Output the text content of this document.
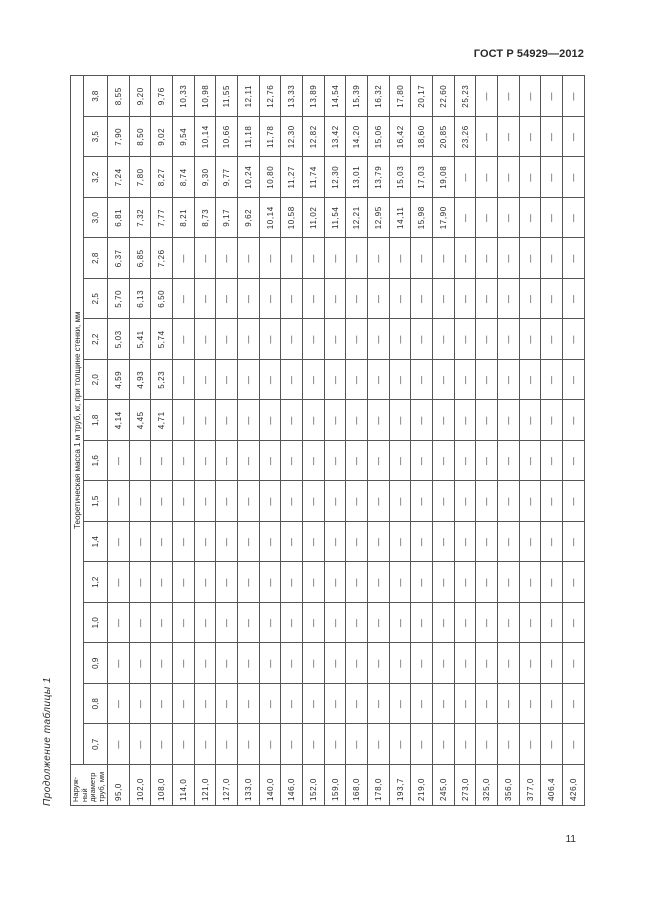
ГОСТ Р 54929—2012
Продолжение таблицы 1 Наруж-ный диаметр труб, мм	Теоретическая масса 1 м труб, кг, при толщине стенки, мм																
	0,7	0,8	0,9	1,0	1,2	1,4	1,5	1,6	1,8	2,0	2,2	2,5	2,8	3,0	3,2	3,5	3,8
95,0	—	—	—	—	—	—	—	—	4,14	4,59	5,03	5,70	6,37	6,81	7,24	7,90	8,55
102,0	—	—	—	—	—	—	—	—	4,45	4,93	5,41	6,13	6,85	7,32	7,80	8,50	9,20
108,0	—	—	—	—	—	—	—	—	4,71	5,23	5,74	6,50	7,26	7,77	8,27	9,02	9,76
114,0	—	—	—	—	—	—	—	—	—	—	—	—	—	8,21	8,74	9,54	10,33
121,0	—	—	—	—	—	—	—	—	—	—	—	—	—	8,73	9,30	10,14	10,98
127,0	—	—	—	—	—	—	—	—	—	—	—	—	—	9,17	9,77	10,66	11,55
133,0	—	—	—	—	—	—	—	—	—	—	—	—	—	9,62	10,24	11,18	12,11
140,0	—	—	—	—	—	—	—	—	—	—	—	—	—	10,14	10,80	11,78	12,76
146,0	—	—	—	—	—	—	—	—	—	—	—	—	—	10,58	11,27	12,30	13,33
152,0	—	—	—	—	—	—	—	—	—	—	—	—	—	11,02	11,74	12,82	13,89
159,0	—	—	—	—	—	—	—	—	—	—	—	—	—	11,54	12,30	13,42	14,54
168,0	—	—	—	—	—	—	—	—	—	—	—	—	—	12,21	13,01	14,20	15,39
178,0	—	—	—	—	—	—	—	—	—	—	—	—	—	12,95	13,79	15,06	16,32
193,7	—	—	—	—	—	—	—	—	—	—	—	—	—	14,11	15,03	16,42	17,80
219,0	—	—	—	—	—	—	—	—	—	—	—	—	—	15,98	17,03	18,60	20,17
245,0	—	—	—	—	—	—	—	—	—	—	—	—	—	17,90	19,08	20,85	22,60
273,0	—	—	—	—	—	—	—	—	—	—	—	—	—	—	—	23,26	25,23
325,0	—	—	—	—	—	—	—	—	—	—	—	—	—	—	—	—	—
356,0	—	—	—	—	—	—	—	—	—	—	—	—	—	—	—	—	—
377,0	—	—	—	—	—	—	—	—	—	—	—	—	—	—	—	—	—
406,4	—	—	—	—	—	—	—	—	—	—	—	—	—	—	—	—	—
426,0	—	—	—	—	—	—	—	—	—	—	—	—	—	—	—	—	—
11
